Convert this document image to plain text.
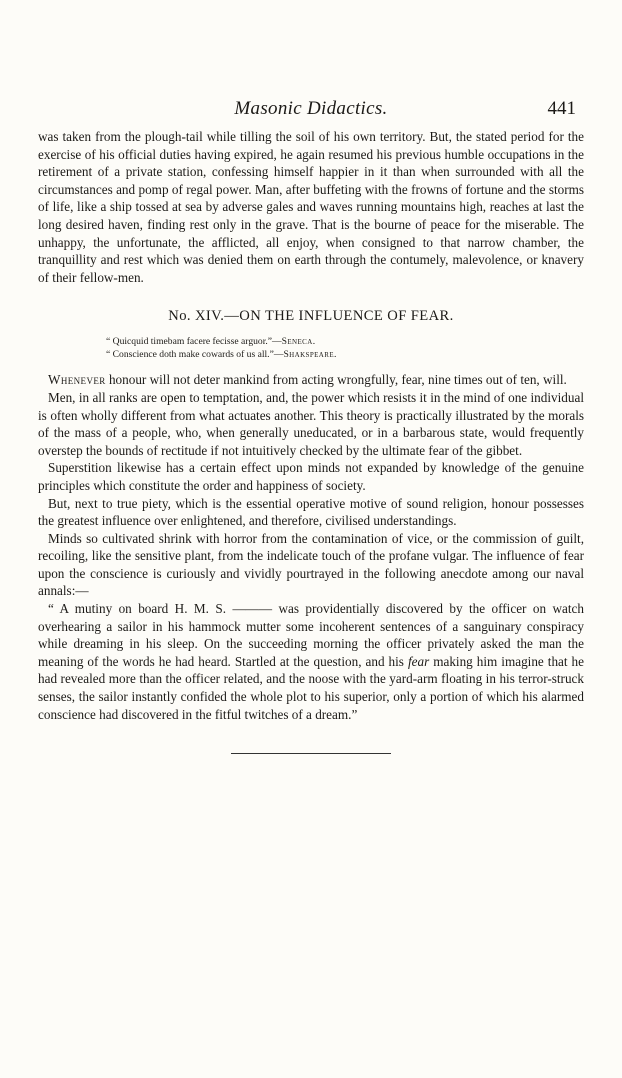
Masonic Didactics.	441

was taken from the plough-tail while tilling the soil of his own territory. But, the stated period for the exercise of his official duties having expired, he again resumed his previous humble occupations in the retirement of a private station, confessing himself happier in it than when surrounded with all the circumstances and pomp of regal power. Man, after buffeting with the frowns of fortune and the storms of life, like a ship tossed at sea by adverse gales and waves running mountains high, reaches at last the long desired haven, finding rest only in the grave. That is the bourne of peace for the miserable. The unhappy, the unfortunate, the afflicted, all enjoy, when consigned to that narrow chamber, the tranquillity and rest which was denied them on earth through the contumely, malevolence, or knavery of their fellow-men.

No. XIV.—ON THE INFLUENCE OF FEAR.
“ Quicquid timebam facere fecisse arguor.”—Seneca.
“ Conscience doth make cowards of us all.”—Shakspeare.

Whenever honour will not deter mankind from acting wrongfully, fear, nine times out of ten, will.

Men, in all ranks are open to temptation, and, the power which resists it in the mind of one individual is often wholly different from what actuates another. This theory is practically illustrated by the morals of the mass of a people, who, when generally uneducated, or in a barbarous state, would frequently overstep the bounds of rectitude if not intuitively checked by the ultimate fear of the gibbet.

Superstition likewise has a certain effect upon minds not expanded by knowledge of the genuine principles which constitute the order and happiness of society.

But, next to true piety, which is the essential operative motive of sound religion, honour possesses the greatest influence over enlightened, and therefore, civilised understandings.

Minds so cultivated shrink with horror from the contamination of vice, or the commission of guilt, recoiling, like the sensitive plant, from the indelicate touch of the profane vulgar. The influence of fear upon the conscience is curiously and vividly pourtrayed in the following anecdote among our naval annals:—

“ A mutiny on board H. M. S. ——— was providentially discovered by the officer on watch overhearing a sailor in his hammock mutter some incoherent sentences of a sanguinary conspiracy while dreaming in his sleep. On the succeeding morning the officer privately asked the man the meaning of the words he had heard. Startled at the question, and his fear making him imagine that he had revealed more than the officer related, and the noose with the yard-arm floating in his terror-struck senses, the sailor instantly confided the whole plot to his superior, only a portion of which his alarmed conscience had discovered in the fitful twitches of a dream.”
